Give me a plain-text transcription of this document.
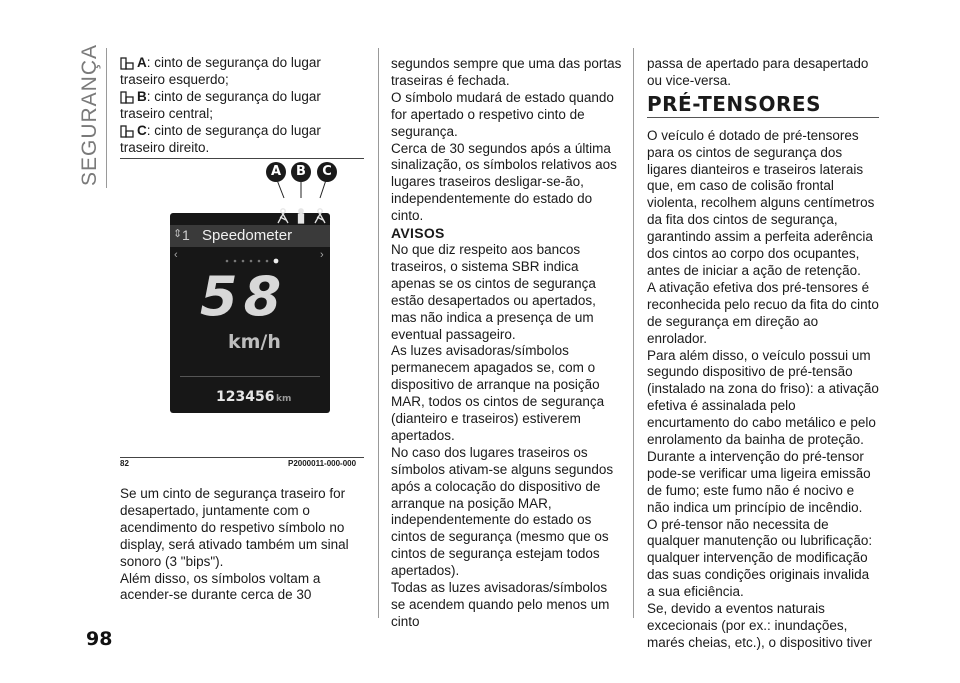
SEGURANÇA
98
A: cinto de segurança do lugar

traseiro esquerdo;

B: cinto de segurança do lugar

traseiro central;

C: cinto de segurança do lugar

traseiro direito.

A	B	C
⇕ 1 Speedometer
‹	›
58
km/h
123456 km
82	P2000011-000-000

Se um cinto de segurança traseiro for desapertado, juntamente com o acendimento do respetivo símbolo no display, será ativado também um sinal sonoro (3 "bips").

Além disso, os símbolos voltam a acender-se durante cerca de 30

segundos sempre que uma das portas traseiras é fechada.

O símbolo mudará de estado quando for apertado o respetivo cinto de segurança.

Cerca de 30 segundos após a última sinalização, os símbolos relativos aos lugares traseiros desligar-se-ão, independentemente do estado do cinto.

AVISOS

No que diz respeito aos bancos traseiros, o sistema SBR indica apenas se os cintos de segurança estão desapertados ou apertados, mas não indica a presença de um eventual passageiro.

As luzes avisadoras/símbolos permanecem apagados se, com o dispositivo de arranque na posição MAR, todos os cintos de segurança (dianteiro e traseiros) estiverem apertados.

No caso dos lugares traseiros os símbolos ativam-se alguns segundos após a colocação do dispositivo de arranque na posição MAR, independentemente do estado os cintos de segurança (mesmo que os cintos de segurança estejam todos apertados).

Todas as luzes avisadoras/símbolos se acendem quando pelo menos um cinto

passa de apertado para desapertado ou vice-versa.

PRÉ-TENSORES

O veículo é dotado de pré-tensores para os cintos de segurança dos ligares dianteiros e traseiros laterais que, em caso de colisão frontal violenta, recolhem alguns centímetros da fita dos cintos de segurança, garantindo assim a perfeita aderência dos cintos ao corpo dos ocupantes, antes de iniciar a ação de retenção.

A ativação efetiva dos pré-tensores é reconhecida pelo recuo da fita do cinto de segurança em direção ao enrolador.

Para além disso, o veículo possui um segundo dispositivo de pré-tensão (instalado na zona do friso): a ativação efetiva é assinalada pelo encurtamento do cabo metálico e pelo enrolamento da bainha de proteção.

Durante a intervenção do pré-tensor pode-se verificar uma ligeira emissão de fumo; este fumo não é nocivo e não indica um princípio de incêndio.

O pré-tensor não necessita de qualquer manutenção ou lubrificação: qualquer intervenção de modificação das suas condições originais invalida a sua eficiência.

Se, devido a eventos naturais excecionais (por ex.: inundações, marés cheias, etc.), o dispositivo tiver
